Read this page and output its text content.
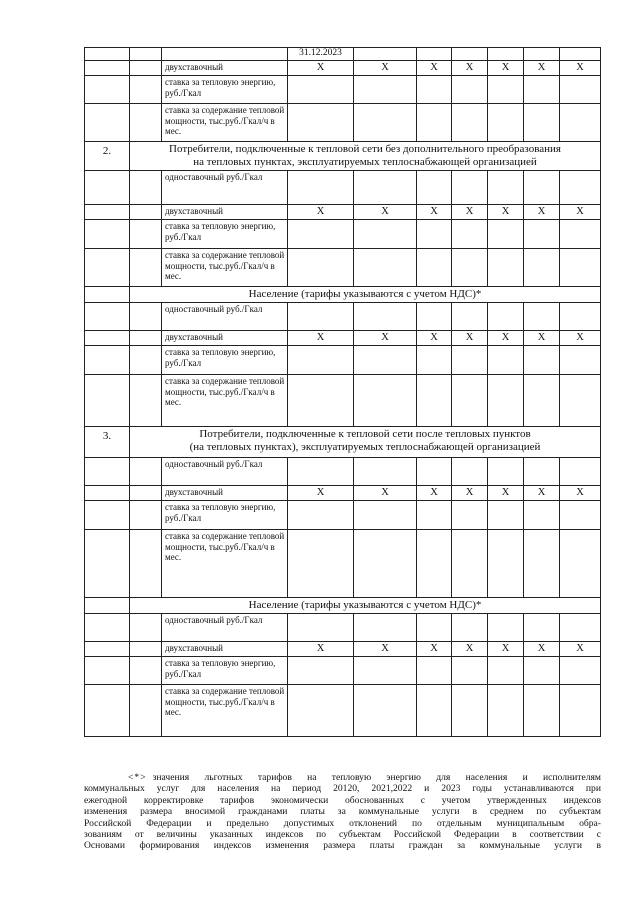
			31.12.2023						
		двухставочный	X	X	X	X	X	X	X
		ставка за тепловую энергию, руб./Гкал							
		ставка за содержание тепловой мощности, тыс.руб./Гкал/ч в мес.							
2.	Потребители, подключенные к тепловой сети без дополнительного преобразования
на тепловых пунктах, эксплуатируемых теплоснабжающей организацией								

		одноставочный руб./Гкал							
		двухставочный	X	X	X	X	X	X	X
		ставка за тепловую энергию, руб./Гкал							
		ставка за содержание тепловой мощности, тыс.руб./Гкал/ч в мес.							
	Население (тарифы указываются с учетом НДС)*								
		одноставочный руб./Гкал							
		двухставочный	X	X	X	X	X	X	X
		ставка за тепловую энергию, руб./Гкал							
		ставка за содержание тепловой мощности, тыс.руб./Гкал/ч в мес.							
3.	Потребители, подключенные к тепловой сети после тепловых пунктов
(на тепловых пунктах), эксплуатируемых теплоснабжающей организацией								

		одноставочный руб./Гкал							
		двухставочный	X	X	X	X	X	X	X
		ставка за тепловую энергию, руб./Гкал							
		ставка за содержание тепловой мощности, тыс.руб./Гкал/ч в мес.							
	Население (тарифы указываются с учетом НДС)*								
		одноставочный руб./Гкал							
		двухставочный	X	X	X	X	X	X	X
		ставка за тепловую энергию, руб./Гкал							
		ставка за содержание тепловой мощности, тыс.руб./Гкал/ч в мес.							
<*> значения льготных тарифов на тепловую энергию для населения и исполнителям
коммунальных услуг для населения на период 20120, 2021,2022 и 2023 годы устанавливаются при
ежегодной корректировке тарифов экономически обоснованных с учетом утвержденных индексов
изменения размера вносимой гражданами платы за коммунальные услуги в среднем по субъектам
Российской Федерации и предельно допустимых отклонений по отдельным муниципальным обра-
зованиям от величины указанных индексов по субъектам Российской Федерации в соответствии с
Основами формирования индексов изменения размера платы граждан за коммунальные услуги в
